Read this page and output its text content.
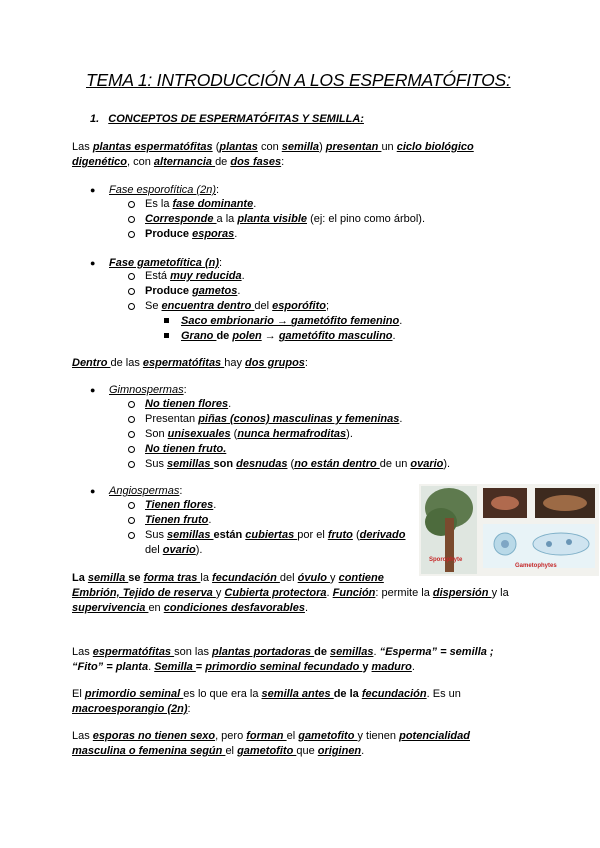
TEMA 1: INTRODUCCIÓN A LOS ESPERMATÓFITOS:
1. CONCEPTOS DE ESPERMATÓFITAS Y SEMILLA:
Las plantas espermatófitas (plantas con semilla) presentan un ciclo biológico
digenético, con alternancia de dos fases:
● Fase esporofítica (2n):
Es la fase dominante.
Corresponde a la planta visible (ej: el pino como árbol).
Produce esporas.
● Fase gametofítica (n):
Está muy reducida.
Produce gametos.
Se encuentra dentro del esporófito;
Saco embrionario → gametófito femenino.
Grano de polen → gametófito masculino.
Dentro de las espermatófitas hay dos grupos:
● Gimnospermas:
No tienen flores.
Presentan piñas (conos) masculinas y femeninas.
Son unisexuales (nunca hermafroditas).
No tienen fruto.
Sus semillas son desnudas (no están dentro de un ovario).
● Angiospermas:
Tienen flores.
Tienen fruto.
Sus semillas están cubiertas por el fruto (derivado
del ovario).
Sporophyte
Gametophytes
La semilla se forma tras la fecundación del óvulo y contiene
Embrión, Tejido de reserva y Cubierta protectora. Función: permite la dispersión y la
supervivencia en condiciones desfavorables.
Las espermatófitas son las plantas portadoras de semillas. “Esperma” = semilla ;
“Fito” = planta. Semilla = primordio seminal fecundado y maduro.
El primordio seminal es lo que era la semilla antes de la fecundación. Es un
macroesporangio (2n):
Las esporas no tienen sexo, pero forman el gametofito y tienen potencialidad
masculina o femenina según el gametofito que originen.
